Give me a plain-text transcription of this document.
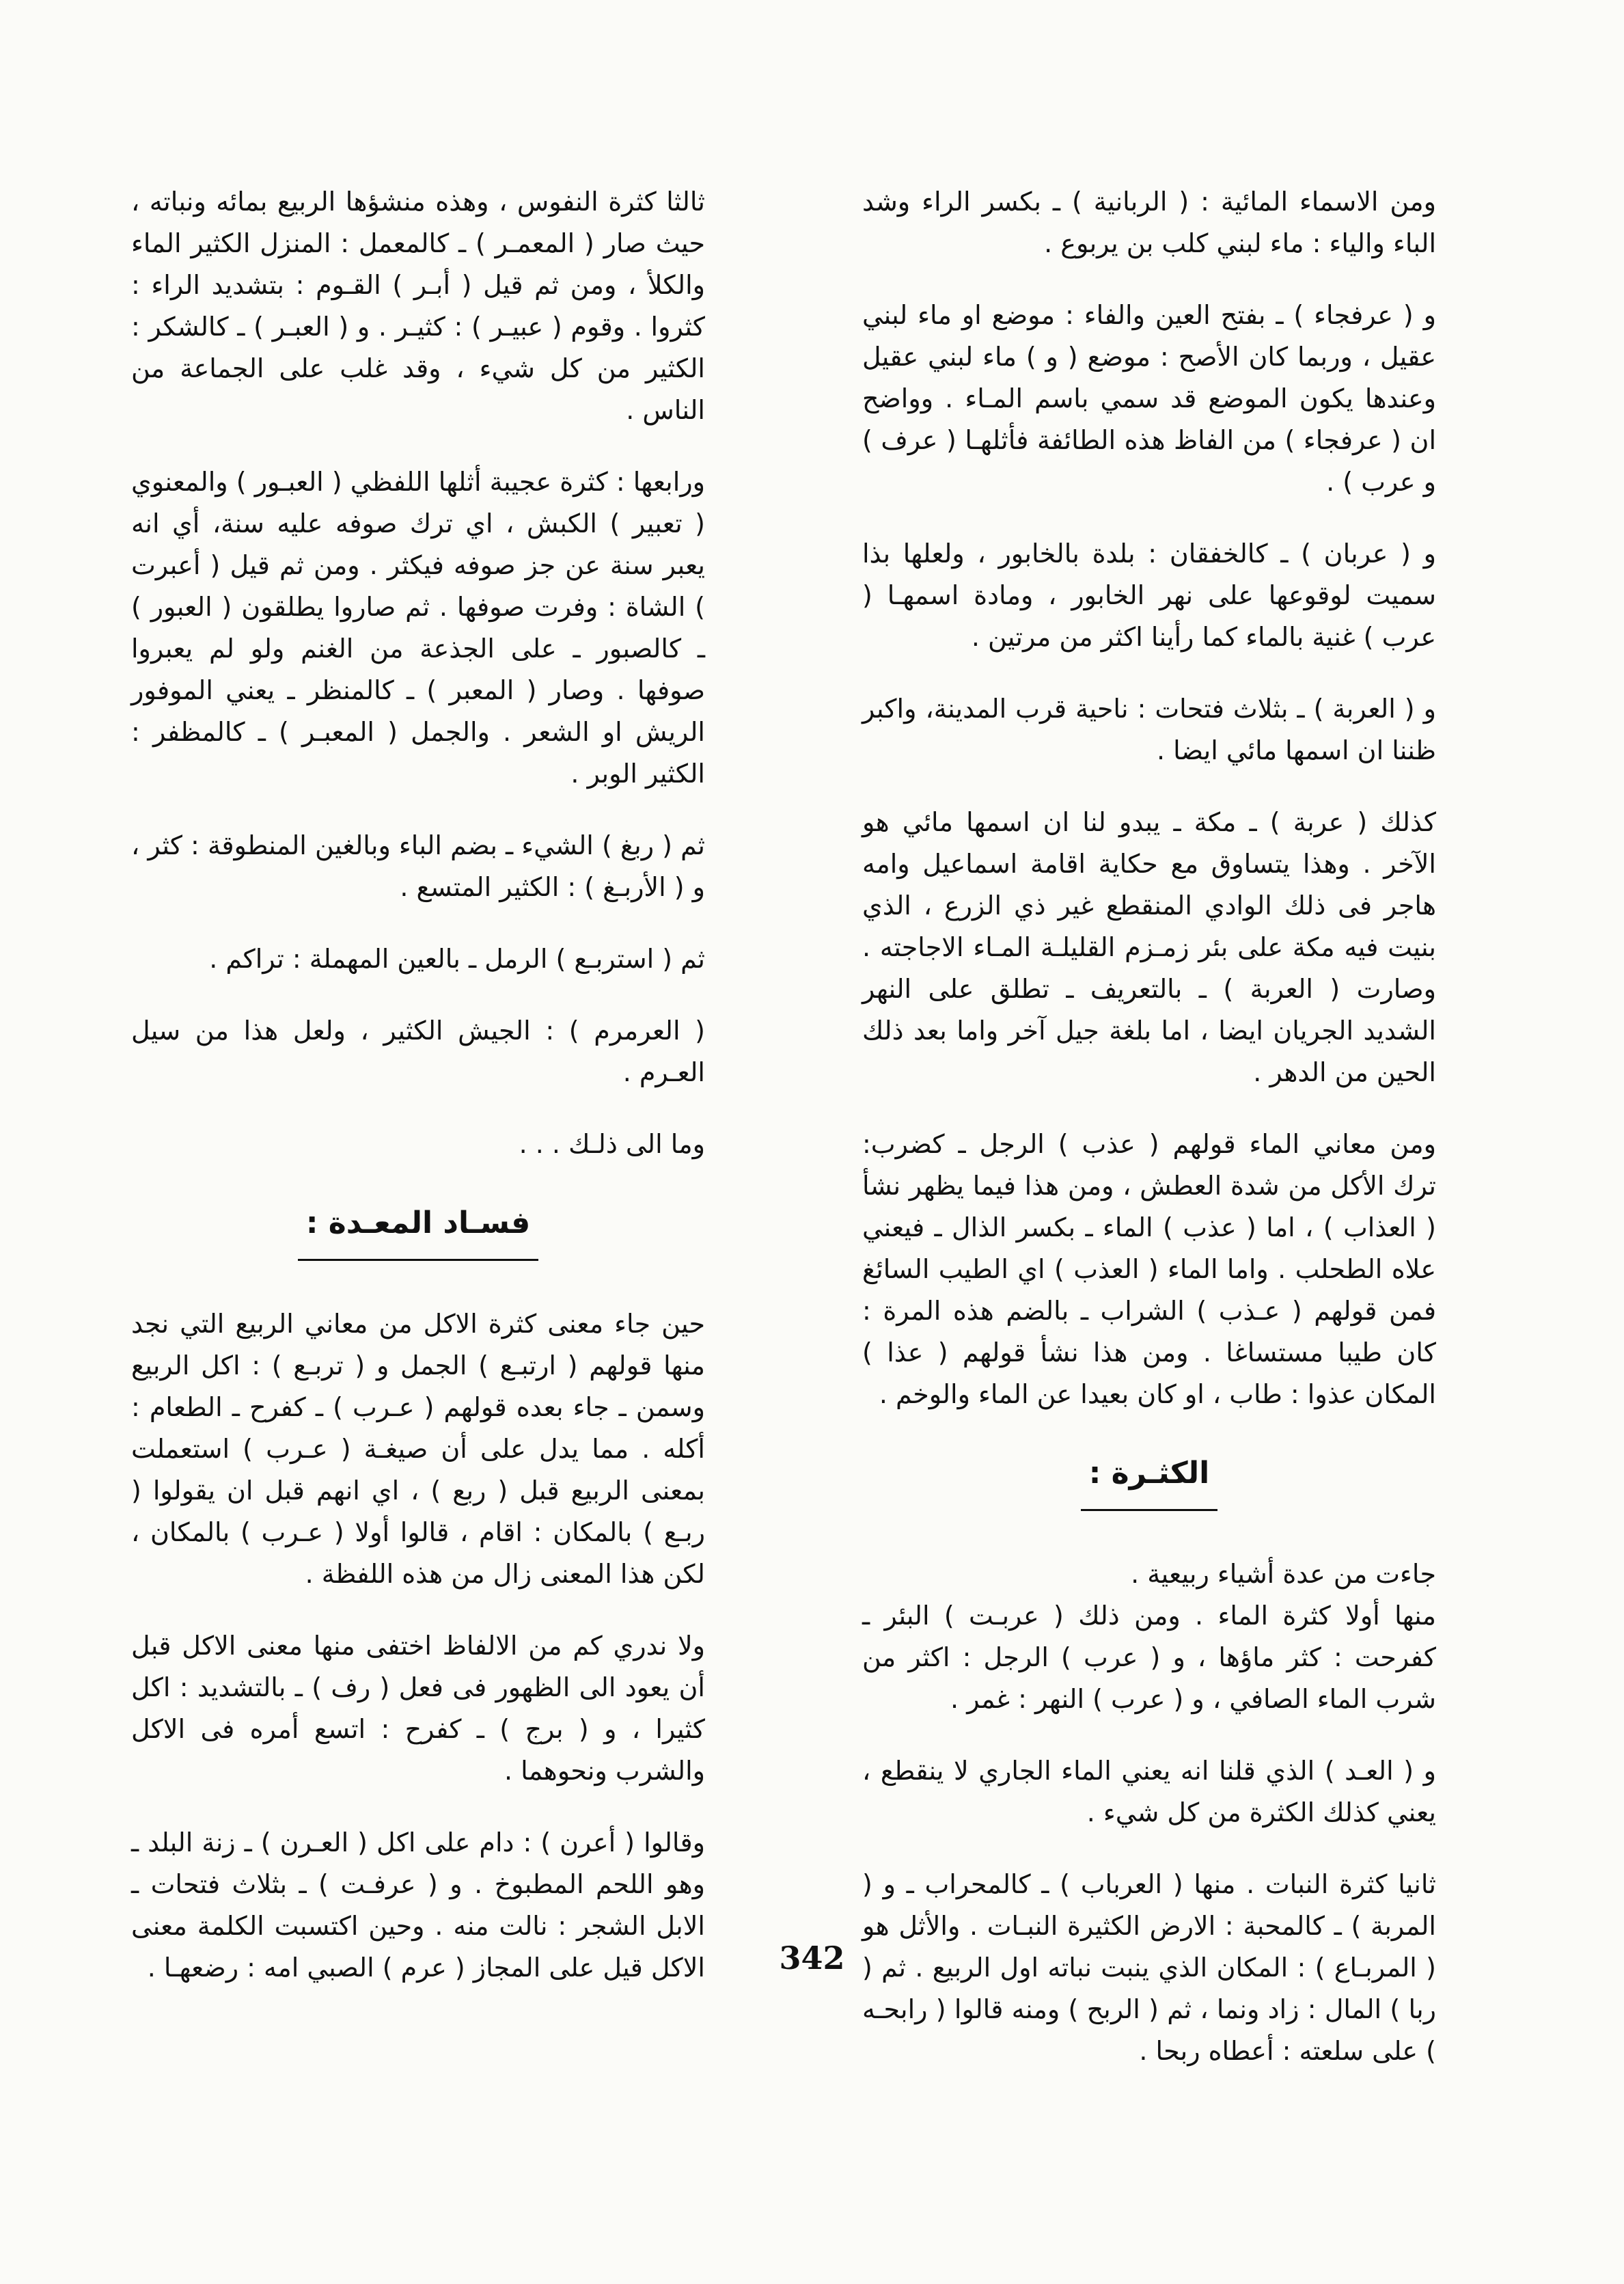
ومن الاسماء المائية : ( الربانية ) ـ بكسر الراء وشد الباء والياء : ماء لبني كلب بن يربوع .

و ( عرفجاء ) ـ بفتح العين والفاء : موضع او ماء لبني عقيل ، وربما كان الأصح : موضع ( و ) ماء لبني عقيل وعندها يكون الموضع قد سمي باسم المـاء . وواضح ان ( عرفجاء ) من الفاظ هذه الطائفة فأثلهـا ( عرف ) و عرب ) .

و ( عربان ) ـ كالخفقان : بلدة بالخابور ، ولعلها بذا سميت لوقوعها على نهر الخابور ، ومادة اسمهـا ( عرب ) غنية بالماء كما رأينا اكثر من مرتين .

و ( العربة ) ـ بثلاث فتحات : ناحية قرب المدينة، واكبر ظننا ان اسمها مائي ايضا .

كذلك ( عربة ) ـ مكة ـ يبدو لنا ان اسمها مائي هو الآخر . وهذا يتساوق مع حكاية اقامة اسماعيل وامه هاجر فى ذلك الوادي المنقطع غير ذي الزرع ، الذي بنيت فيه مكة على بئر زمـزم القليلـة المـاء الاجاجته . وصارت ( العربة ) ـ بالتعريف ـ تطلق على النهر الشديد الجريان ايضا ، اما بلغة جيل آخر واما بعد ذلك الحين من الدهر .

ومن معاني الماء قولهم ( عذب ) الرجل ـ كضرب: ترك الأكل من شدة العطش ، ومن هذا فيما يظهر نشأ ( العذاب ) ، اما ( عذب ) الماء ـ بكسر الذال ـ فيعني علاه الطحلب . واما الماء ( العذب ) اي الطيب السائغ فمن قولهم ( عـذب ) الشراب ـ بالضم هذه المرة : كان طيبا مستساغا . ومن هذا نشأ قولهم ( عذا ) المكان عذوا : طاب ، او كان بعيدا عن الماء والوخم .

الكثـرة :

جاءت من عدة أشياء ربيعية .

منها أولا كثرة الماء . ومن ذلك ( عربـت ) البئر ـ كفرحت : كثر ماؤها ، و ( عرب ) الرجل : اكثر من شرب الماء الصافي ، و ( عرب ) النهر : غمر .

و ( العـد ) الذي قلنا انه يعني الماء الجاري لا ينقطع ، يعني كذلك الكثرة من كل شيء .

ثانيا كثرة النبات . منها ( العرباب ) ـ كالمحراب ـ و ( المربة ) ـ كالمحبة : الارض الكثيرة النبـات . والأثل هو ( المربـاع ) : المكان الذي ينبت نباته اول الربيع . ثم ( ربا ) المال : زاد ونما ، ثم ( الربح ) ومنه قالوا ( رابحـه ) على سلعته : أعطاه ربحا .

ثالثا كثرة النفوس ، وهذه منشؤها الربيع بمائه ونباته ، حيث صار ( المعمـر ) ـ كالمعمل : المنزل الكثير الماء والكلأ ، ومن ثم قيل ( أبـر ) القـوم : بتشديد الراء : كثروا . وقوم ( عبيـر ) : كثيـر . و ( العبـر ) ـ كالشكر : الكثير من كل شيء ، وقد غلب على الجماعة من الناس .

ورابعها : كثرة عجيبة أثلها اللفظي ( العبـور ) والمعنوي ( تعبير ) الكبش ، اي ترك صوفه عليه سنة، أي انه يعبر سنة عن جز صوفه فيكثر . ومن ثم قيل ( أعبرت ) الشاة : وفرت صوفها . ثم صاروا يطلقون ( العبور ) ـ كالصبور ـ على الجذعة من الغنم ولو لم يعبروا صوفها . وصار ( المعبر ) ـ كالمنظر ـ يعني الموفور الريش او الشعر . والجمل ( المعبـر ) ـ كالمظفر : الكثير الوبر .

ثم ( ربغ ) الشيء ـ بضم الباء وبالغين المنطوقة : كثر ، و ( الأربـغ ) : الكثير المتسع .

ثم ( استربـع ) الرمل ـ بالعين المهملة : تراكم .

( العرمرم ) : الجيش الكثير ، ولعل هذا من سيل العـرم .

وما الى ذلـك . . .

فسـاد المعـدة :

حين جاء معنى كثرة الاكل من معاني الربيع التي نجد منها قولهم ( ارتبـع ) الجمل و ( تربـع ) : اكل الربيع وسمن ـ جاء بعده قولهم ( عـرب ) ـ كفرح ـ الطعام : أكله . مما يدل على أن صيغـة ( عـرب ) استعملت بمعنى الربيع قبل ( ربع ) ، اي انهم قبل ان يقولوا ( ربـع ) بالمكان : اقام ، قالوا أولا ( عـرب ) بالمكان ، لكن هذا المعنى زال من هذه اللفظة .

ولا ندري كم من الالفاظ اختفى منها معنى الاكل قبل أن يعود الى الظهور فى فعل ( رف ) ـ بالتشديد : اكل كثيرا ، و ( برج ) ـ كفرح : اتسع أمره فى الاكل والشرب ونحوهما .

وقالوا ( أعرن ) : دام على اكل ( العـرن ) ـ زنة البلد ـ وهو اللحم المطبوخ . و ( عرفـت ) ـ بثلاث فتحات ـ الابل الشجر : نالت منه . وحين اكتسبت الكلمة معنى الاكل قيل على المجاز ( عرم ) الصبي امه : رضعهـا .	342
